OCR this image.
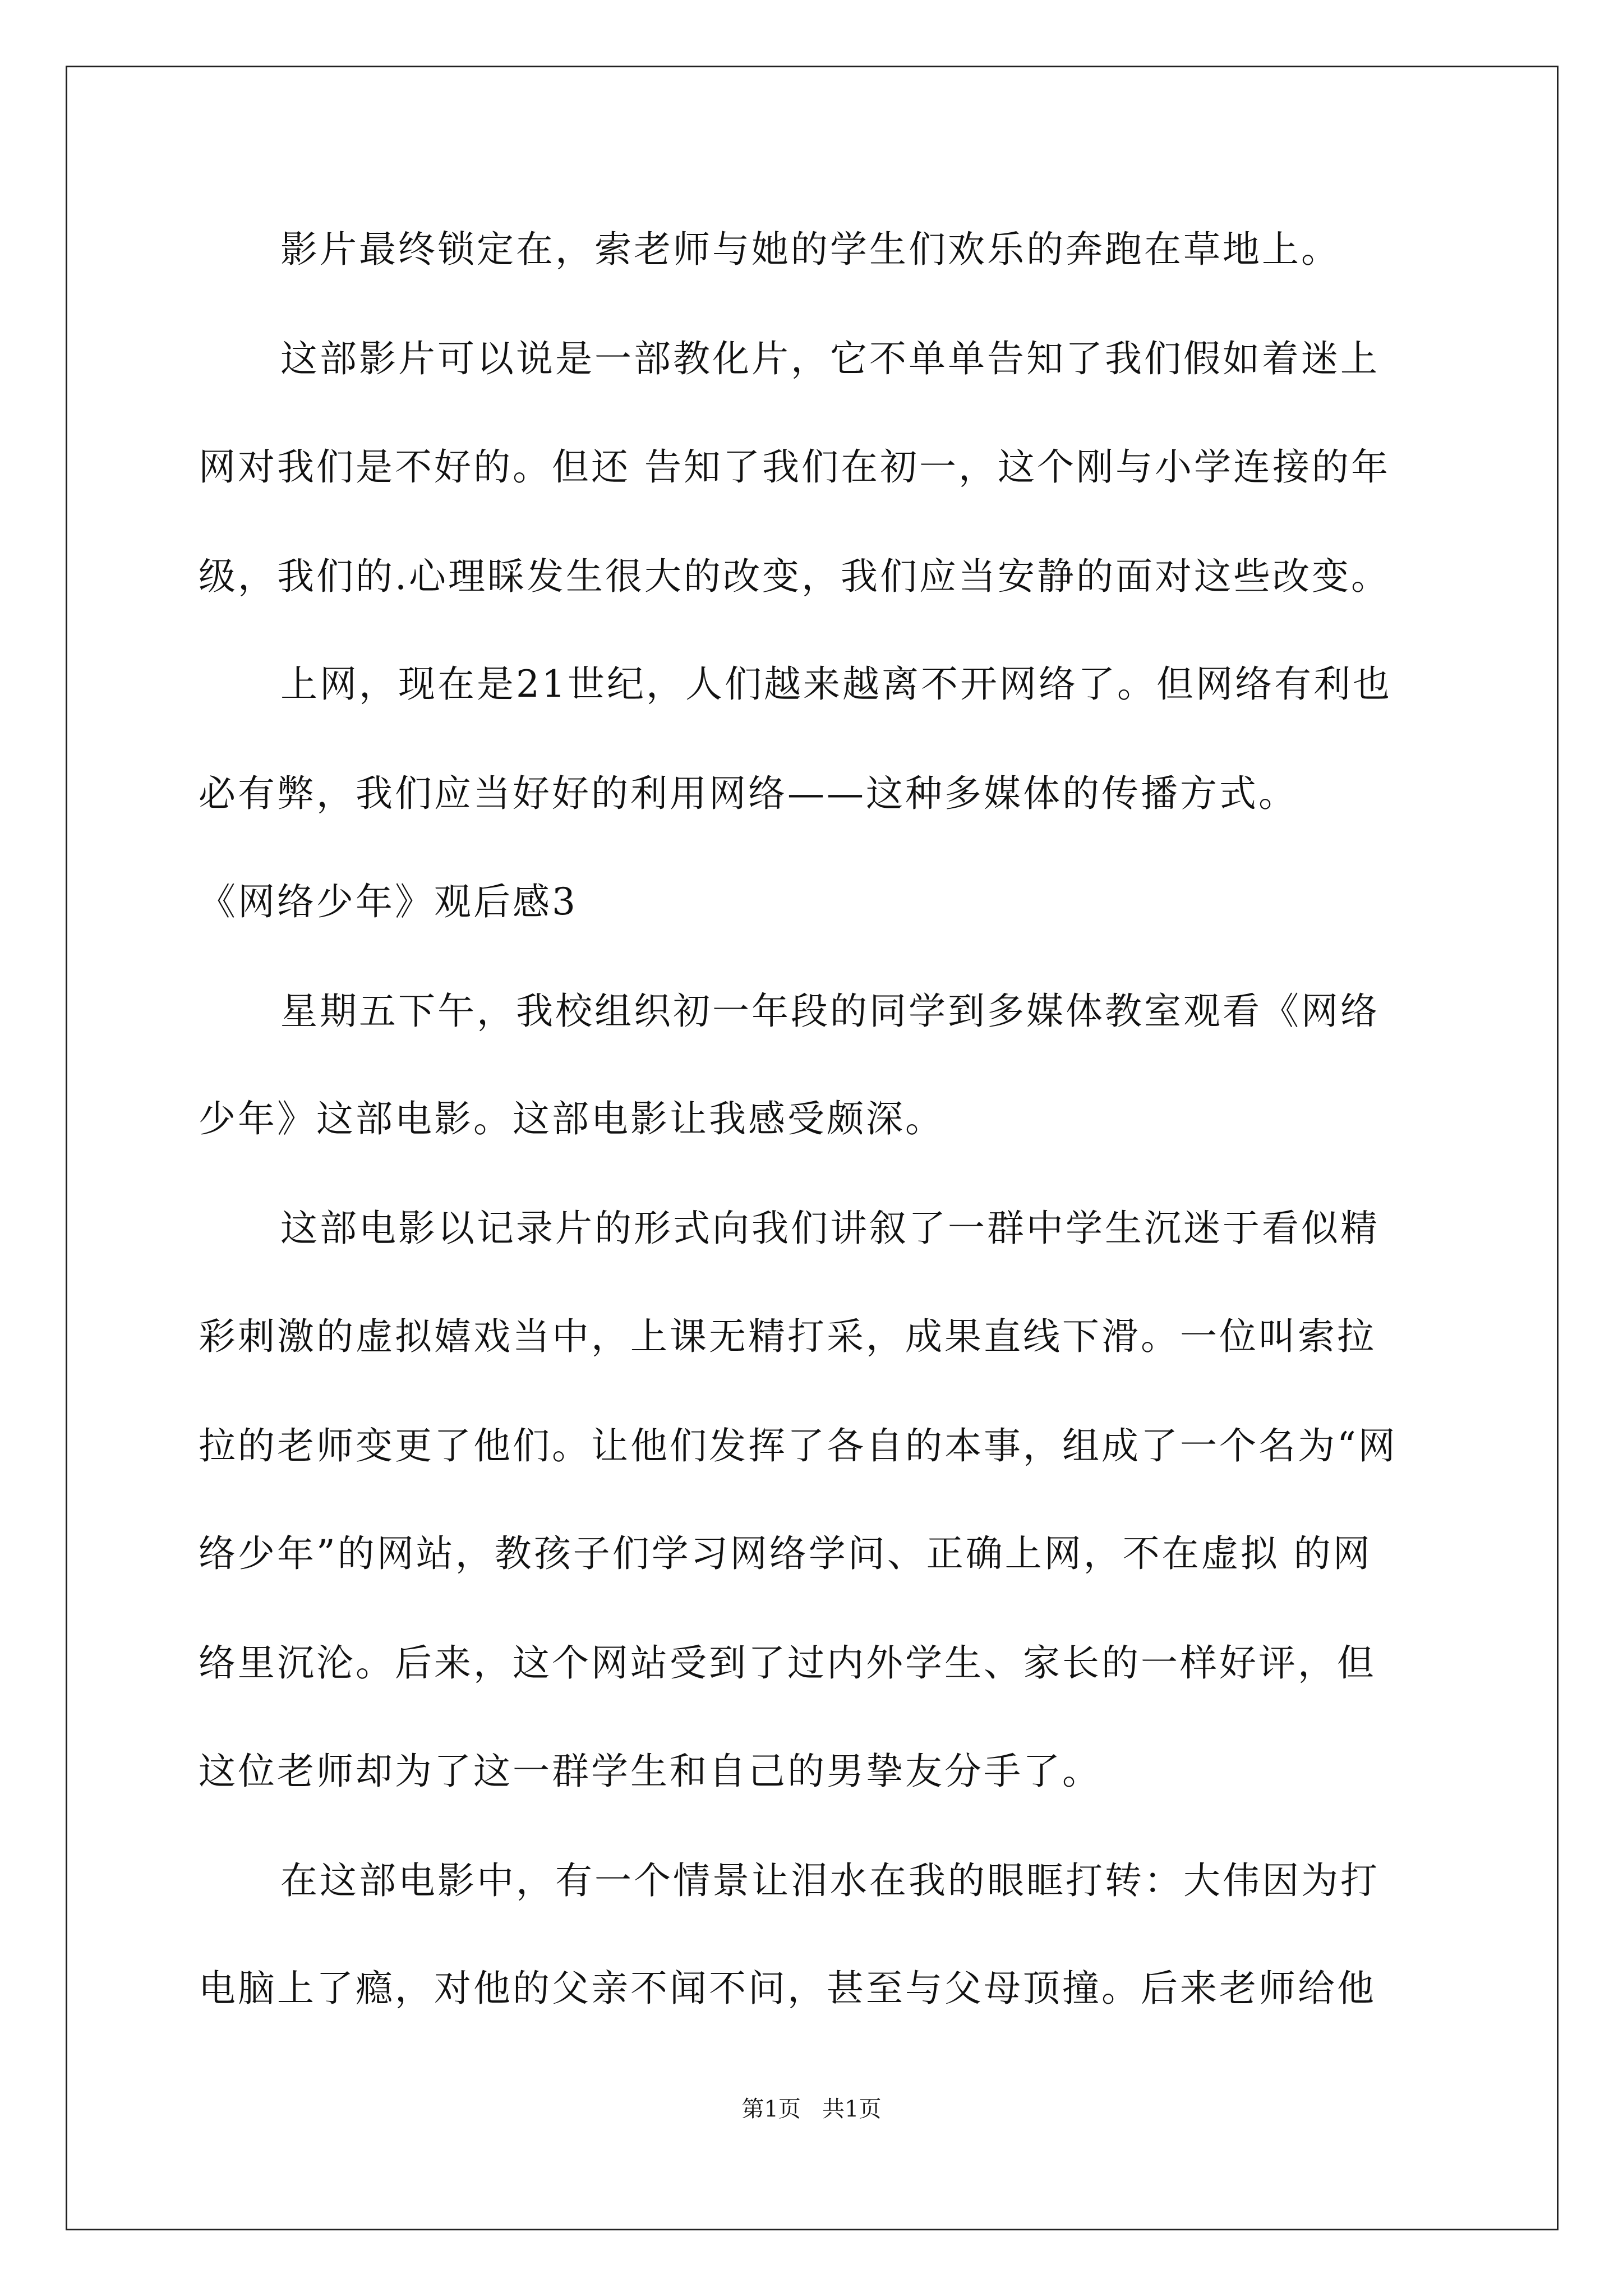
影片最终锁定在，索老师与她的学生们欢乐的奔跑在草地上。
这部影片可以说是一部教化片，它不单单告知了我们假如着迷上
网对我们是不好的。但还 告知了我们在初一，这个刚与小学连接的年
级，我们的.心理睬发生很大的改变，我们应当安静的面对这些改变。
上网，现在是21世纪，人们越来越离不开网络了。但网络有利也
必有弊，我们应当好好的利用网络——这种多媒体的传播方式。
《网络少年》观后感3
星期五下午，我校组织初一年段的同学到多媒体教室观看《网络
少年》这部电影。这部电影让我感受颇深。
这部电影以记录片的形式向我们讲叙了一群中学生沉迷于看似精
彩刺激的虚拟嬉戏当中，上课无精打采，成果直线下滑。一位叫索拉
拉的老师变更了他们。让他们发挥了各自的本事，组成了一个名为“网
络少年”的网站，教孩子们学习网络学问、正确上网，不在虚拟 的网
络里沉沦。后来，这个网站受到了过内外学生、家长的一样好评，但
这位老师却为了这一群学生和自己的男挚友分手了。
在这部电影中，有一个情景让泪水在我的眼眶打转：大伟因为打
电脑上了瘾，对他的父亲不闻不问，甚至与父母顶撞。后来老师给他
第1页   共1页
